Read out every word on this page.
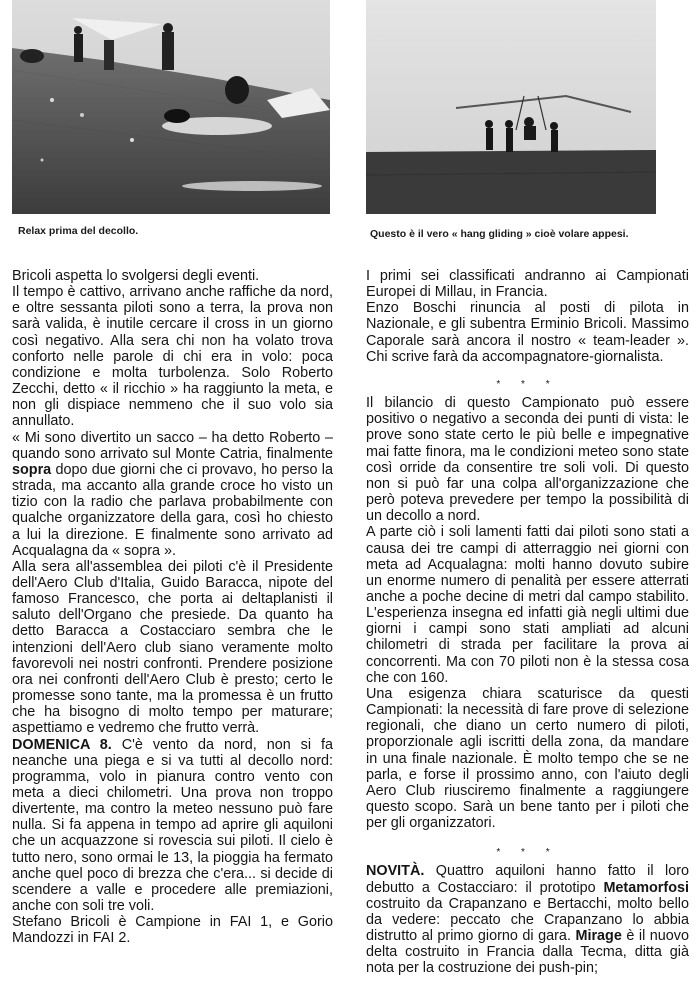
Relax prima del decollo.	Questo è il vero « hang gliding » cioè volare appesi.

Bricoli aspetta lo svolgersi degli eventi.

Il tempo è cattivo, arrivano anche raffiche da nord, e oltre sessanta piloti sono a terra, la prova non sarà valida, è inutile cercare il cross in un giorno così negativo. Alla sera chi non ha volato trova conforto nelle parole di chi era in volo: poca condizione e molta turbolenza. Solo Roberto Zecchi, detto « il ricchio » ha raggiunto la meta, e non gli dispiace nemmeno che il suo volo sia annullato.

« Mi sono divertito un sacco – ha detto Roberto – quando sono arrivato sul Monte Catria, finalmente sopra dopo due giorni che ci provavo, ho perso la strada, ma accanto alla grande croce ho visto un tizio con la radio che parlava probabilmente con qualche organizzatore della gara, così ho chiesto a lui la direzione. E finalmente sono arrivato ad Acqualagna da « sopra ».

Alla sera all'assemblea dei piloti c'è il Presidente dell'Aero Club d'Italia, Guido Baracca, nipote del famoso Francesco, che porta ai deltaplanisti il saluto dell'Organo che presiede. Da quanto ha detto Baracca a Costacciaro sembra che le intenzioni dell'Aero club siano veramente molto favorevoli nei nostri confronti. Prendere posizione ora nei confronti dell'Aero Club è presto; certo le promesse sono tante, ma la promessa è un frutto che ha bisogno di molto tempo per maturare; aspettiamo e vedremo che frutto verrà.

DOMENICA 8. C'è vento da nord, non si fa neanche una piega e si va tutti al decollo nord: programma, volo in pianura contro vento con meta a dieci chilometri. Una prova non troppo divertente, ma contro la meteo nessuno può fare nulla. Si fa appena in tempo ad aprire gli aquiloni che un acquazzone si rovescia sui piloti. Il cielo è tutto nero, sono ormai le 13, la pioggia ha fermato anche quel poco di brezza che c'era... si decide di scendere a valle e procedere alle premiazioni, anche con soli tre voli.

Stefano Bricoli è Campione in FAI 1, e Gorio Mandozzi in FAI 2.

I primi sei classificati andranno ai Campionati Europei di Millau, in Francia.

Enzo Boschi rinuncia al posti di pilota in Nazionale, e gli subentra Erminio Bricoli. Massimo Caporale sarà ancora il nostro « team-leader ». Chi scrive farà da accompagnatore-giornalista.

* * *

Il bilancio di questo Campionato può essere positivo o negativo a seconda dei punti di vista: le prove sono state certo le più belle e impegnative mai fatte finora, ma le condizioni meteo sono state così orride da consentire tre soli voli. Di questo non si può far una colpa all'organizzazione che però poteva prevedere per tempo la possibilità di un decollo a nord.

A parte ciò i soli lamenti fatti dai piloti sono stati a causa dei tre campi di atterraggio nei giorni con meta ad Acqualagna: molti hanno dovuto subire un enorme numero di penalità per essere atterrati anche a poche decine di metri dal campo stabilito. L'esperienza insegna ed infatti già negli ultimi due giorni i campi sono stati ampliati ad alcuni chilometri di strada per facilitare la prova ai concorrenti. Ma con 70 piloti non è la stessa cosa che con 160.

Una esigenza chiara scaturisce da questi Campionati: la necessità di fare prove di selezione regionali, che diano un certo numero di piloti, proporzionale agli iscritti della zona, da mandare in una finale nazionale. È molto tempo che se ne parla, e forse il prossimo anno, con l'aiuto degli Aero Club riusciremo finalmente a raggiungere questo scopo. Sarà un bene tanto per i piloti che per gli organizzatori.

* * *

NOVITÀ. Quattro aquiloni hanno fatto il loro debutto a Costacciaro: il prototipo Metamorfosi costruito da Crapanzano e Bertacchi, molto bello da vedere: peccato che Crapanzano lo abbia distrutto al primo giorno di gara. Mirage è il nuovo delta costruito in Francia dalla Tecma, ditta già nota per la costruzione dei push-pin;
